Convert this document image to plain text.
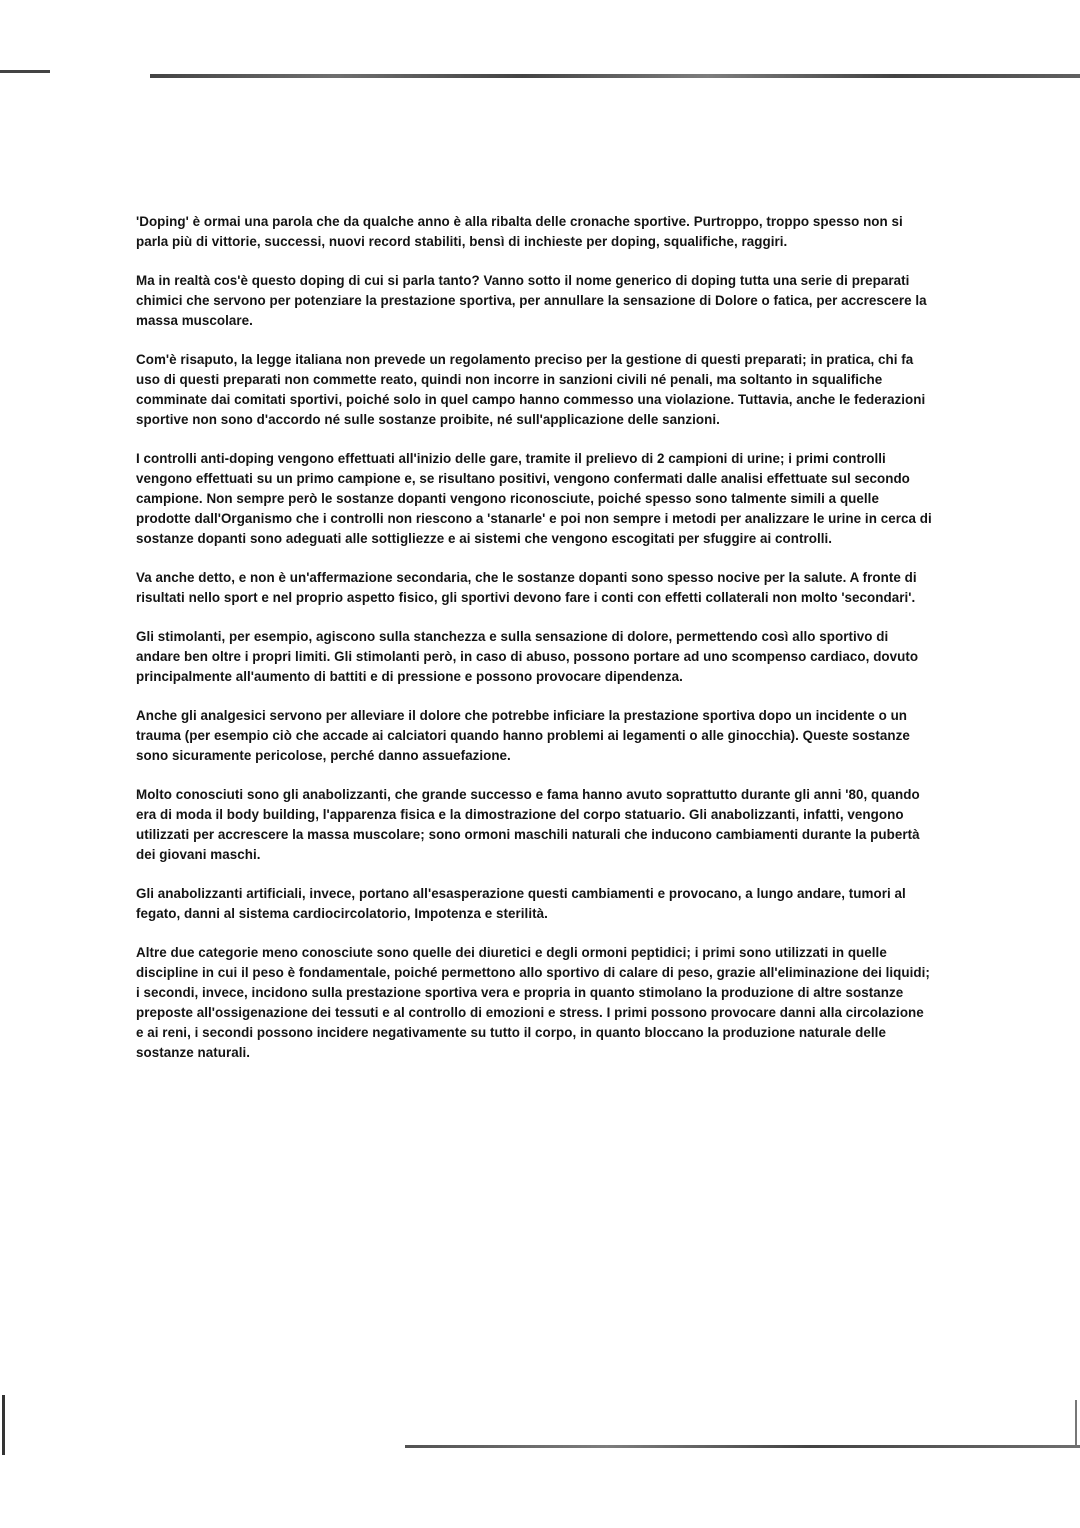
'Doping' è ormai una parola che da qualche anno è alla ribalta delle cronache sportive. Purtroppo, troppo spesso non si parla più di vittorie, successi, nuovi record stabiliti, bensì di inchieste per doping, squalifiche, raggiri.

Ma in realtà cos'è questo doping di cui si parla tanto? Vanno sotto il nome generico di doping tutta una serie di preparati chimici che servono per potenziare la prestazione sportiva, per annullare la sensazione di Dolore o fatica, per accrescere la massa muscolare.

Com'è risaputo, la legge italiana non prevede un regolamento preciso per la gestione di questi preparati; in pratica, chi fa uso di questi preparati non commette reato, quindi non incorre in sanzioni civili né penali, ma soltanto in squalifiche comminate dai comitati sportivi, poiché solo in quel campo hanno commesso una violazione. Tuttavia, anche le federazioni sportive non sono d'accordo né sulle sostanze proibite, né sull'applicazione delle sanzioni.

I controlli anti-doping vengono effettuati all'inizio delle gare, tramite il prelievo di 2 campioni di urine; i primi controlli vengono effettuati su un primo campione e, se risultano positivi, vengono confermati dalle analisi effettuate sul secondo campione. Non sempre però le sostanze dopanti vengono riconosciute, poiché spesso sono talmente simili a quelle prodotte dall'Organismo che i controlli non riescono a 'stanarle' e poi non sempre i metodi per analizzare le urine in cerca di sostanze dopanti sono adeguati alle sottigliezze e ai sistemi che vengono escogitati per sfuggire ai controlli.

Va anche detto, e non è un'affermazione secondaria, che le sostanze dopanti sono spesso nocive per la salute. A fronte di risultati nello sport e nel proprio aspetto fisico, gli sportivi devono fare i conti con effetti collaterali non molto 'secondari'.

Gli stimolanti, per esempio, agiscono sulla stanchezza e sulla sensazione di dolore, permettendo così allo sportivo di andare ben oltre i propri limiti. Gli stimolanti però, in caso di abuso, possono portare ad uno scompenso cardiaco, dovuto principalmente all'aumento di battiti e di pressione e possono provocare dipendenza.

Anche gli analgesici servono per alleviare il dolore che potrebbe inficiare la prestazione sportiva dopo un incidente o un trauma (per esempio ciò che accade ai calciatori quando hanno problemi ai legamenti o alle ginocchia). Queste sostanze sono sicuramente pericolose, perché danno assuefazione.

Molto conosciuti sono gli anabolizzanti, che grande successo e fama hanno avuto soprattutto durante gli anni '80, quando era di moda il body building, l'apparenza fisica e la dimostrazione del corpo statuario. Gli anabolizzanti, infatti, vengono utilizzati per accrescere la massa muscolare; sono ormoni maschili naturali che inducono cambiamenti durante la pubertà dei giovani maschi.

Gli anabolizzanti artificiali, invece, portano all'esasperazione questi cambiamenti e provocano, a lungo andare, tumori al fegato, danni al sistema cardiocircolatorio, Impotenza e sterilità.

Altre due categorie meno conosciute sono quelle dei diuretici e degli ormoni peptidici; i primi sono utilizzati in quelle discipline in cui il peso è fondamentale, poiché permettono allo sportivo di calare di peso, grazie all'eliminazione dei liquidi; i secondi, invece, incidono sulla prestazione sportiva vera e propria in quanto stimolano la produzione di altre sostanze preposte all'ossigenazione dei tessuti e al controllo di emozioni e stress. I primi possono provocare danni alla circolazione e ai reni, i secondi possono incidere negativamente su tutto il corpo, in quanto bloccano la produzione naturale delle sostanze naturali.
